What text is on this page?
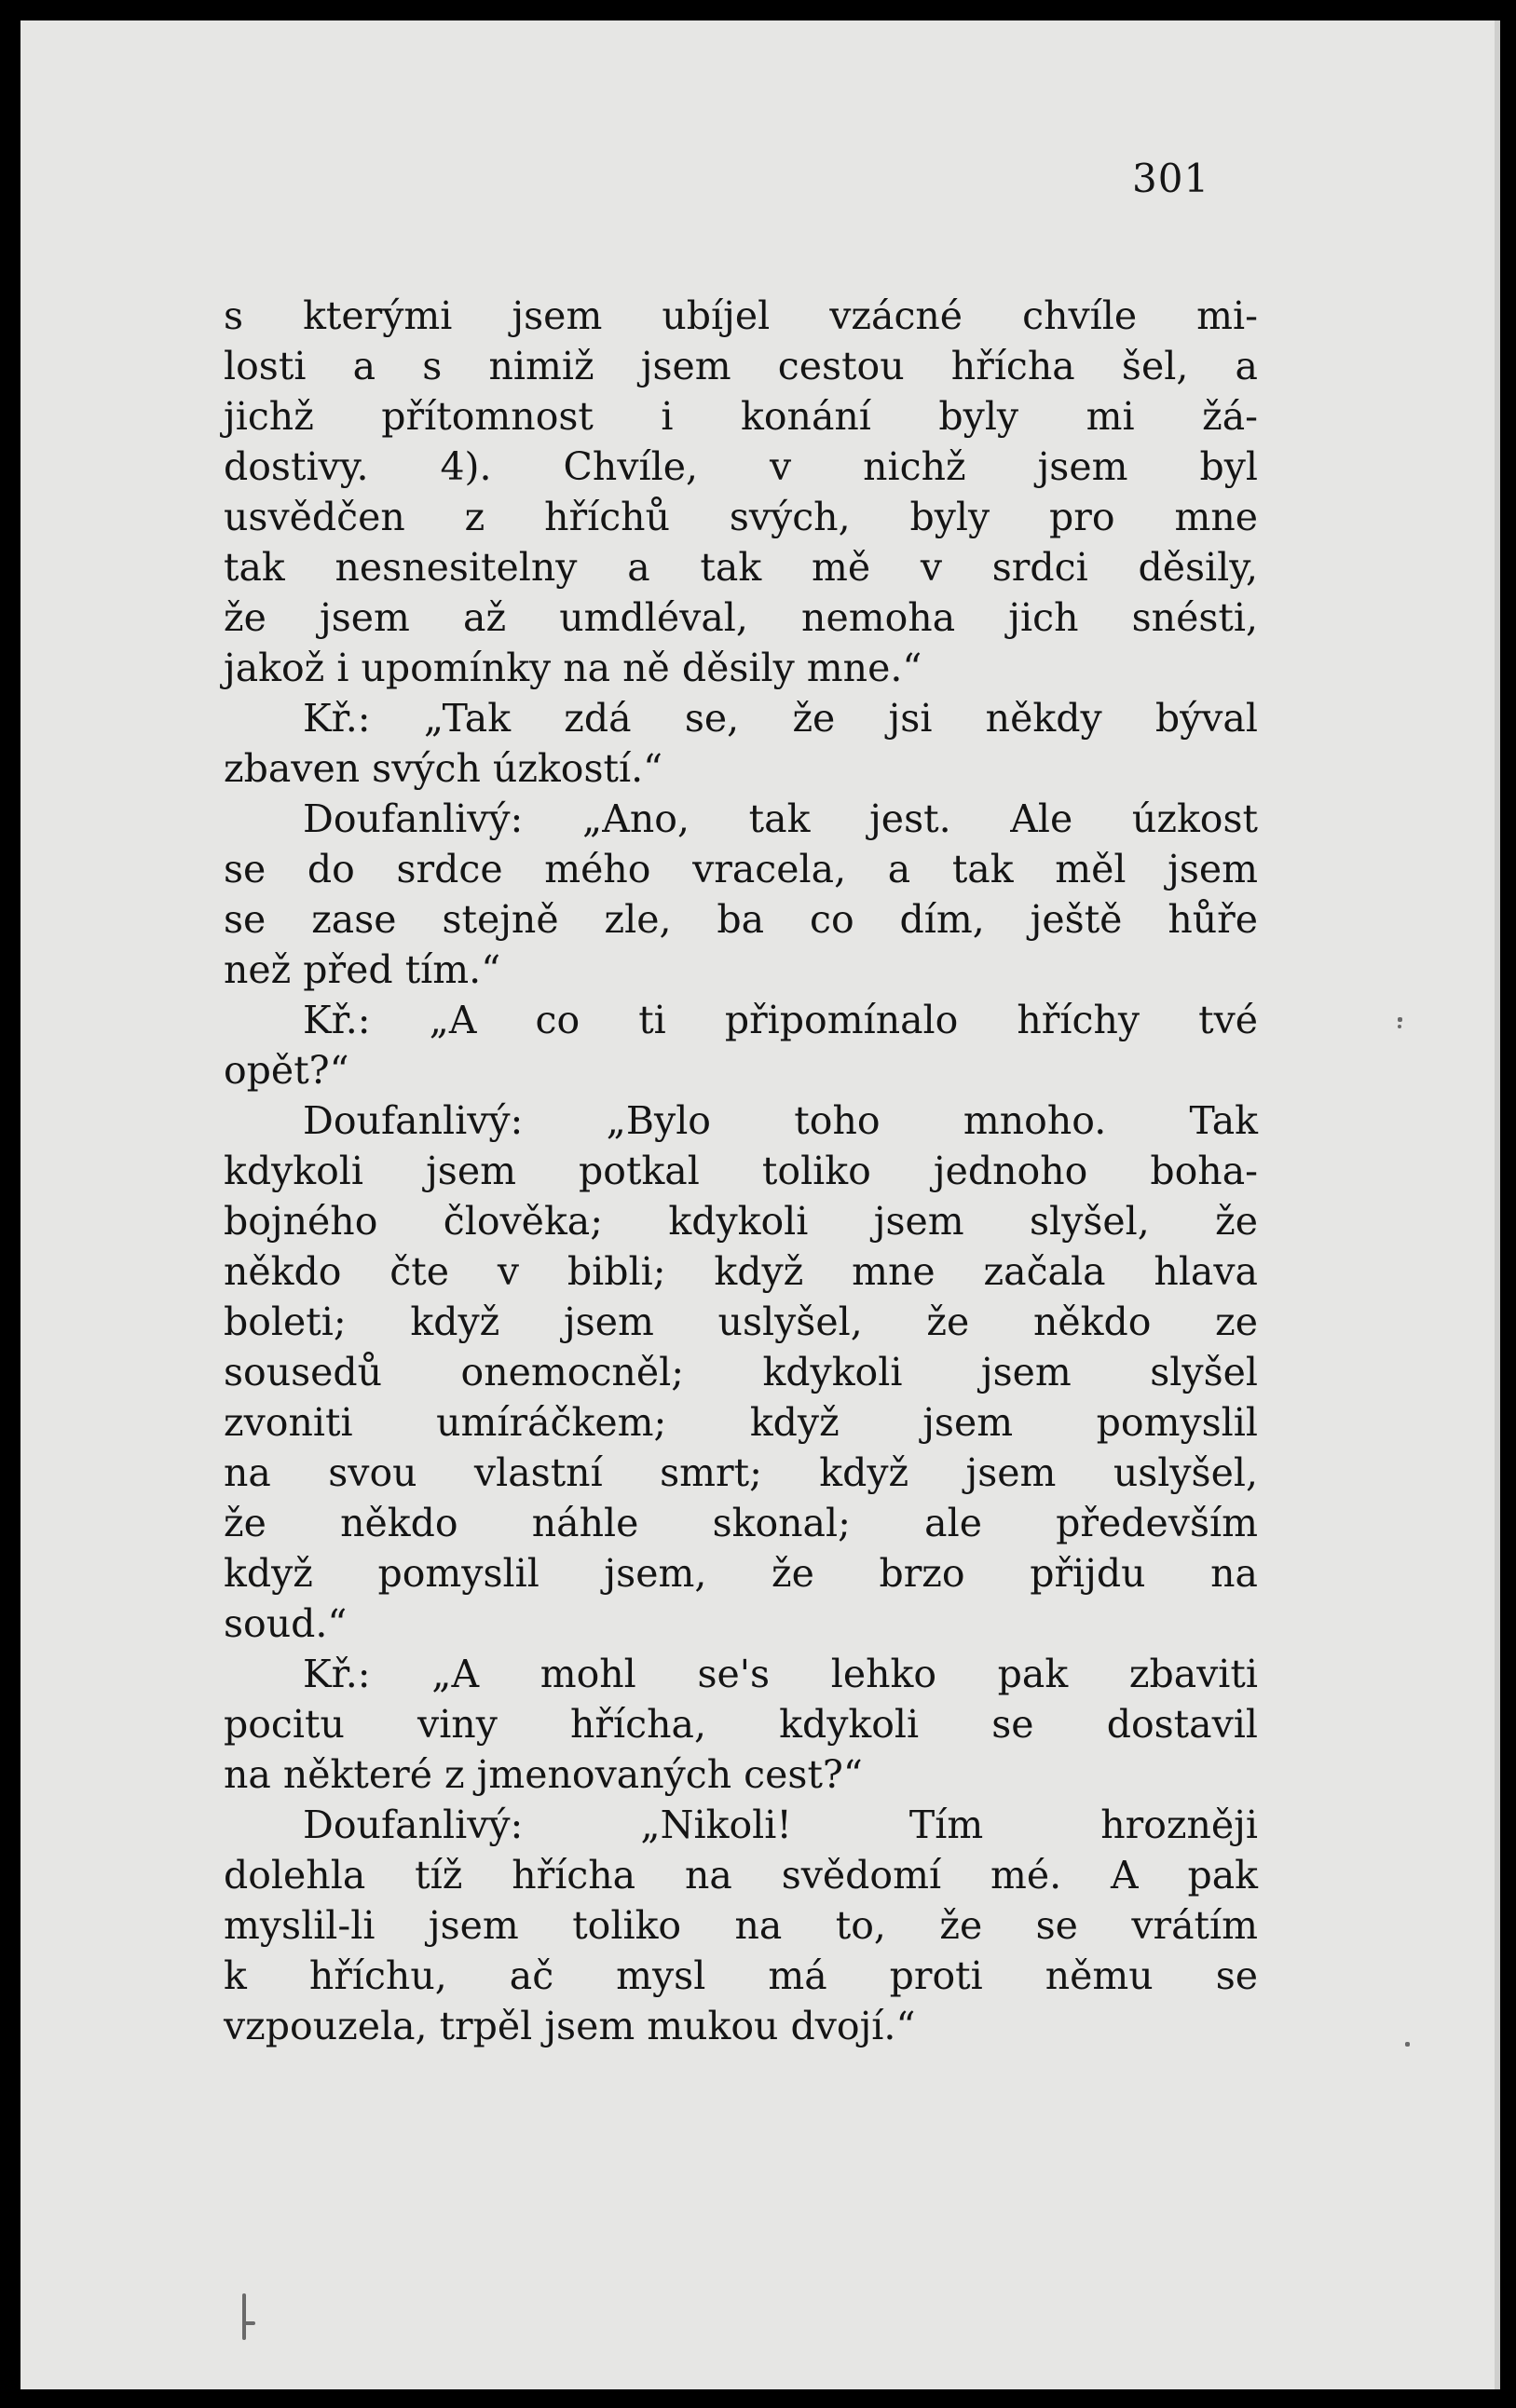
301
s kterými jsem ubíjel vzácné chvíle mi-
losti a s nimiž jsem cestou hřícha šel, a
jichž přítomnost i konání byly mi žá-
dostivy. 4). Chvíle, v nichž jsem byl
usvědčen z hříchů svých, byly pro mne
tak nesnesitelny a tak mě v srdci děsily,
že jsem až umdléval, nemoha jich snésti,
jakož i upomínky na ně děsily mne.“
Kř.: „Tak zdá se, že jsi někdy býval
zbaven svých úzkostí.“
Doufanlivý: „Ano, tak jest. Ale úzkost
se do srdce mého vracela, a tak měl jsem
se zase stejně zle, ba co dím, ještě hůře
než před tím.“
Kř.: „A co ti připomínalo hříchy tvé
opět?“
Doufanlivý: „Bylo toho mnoho. Tak
kdykoli jsem potkal toliko jednoho boha-
bojného člověka; kdykoli jsem slyšel, že
někdo čte v bibli; když mne začala hlava
boleti; když jsem uslyšel, že někdo ze
sousedů onemocněl; kdykoli jsem slyšel
zvoniti umíráčkem; když jsem pomyslil
na svou vlastní smrt; když jsem uslyšel,
že někdo náhle skonal; ale především
když pomyslil jsem, že brzo přijdu na
soud.“
Kř.: „A mohl se's lehko pak zbaviti
pocitu viny hřícha, kdykoli se dostavil
na některé z jmenovaných cest?“
Doufanlivý: „Nikoli! Tím hrozněji
dolehla tíž hřícha na svědomí mé. A pak
myslil-li jsem toliko na to, že se vrátím
k hříchu, ač mysl má proti němu se
vzpouzela, trpěl jsem mukou dvojí.“
